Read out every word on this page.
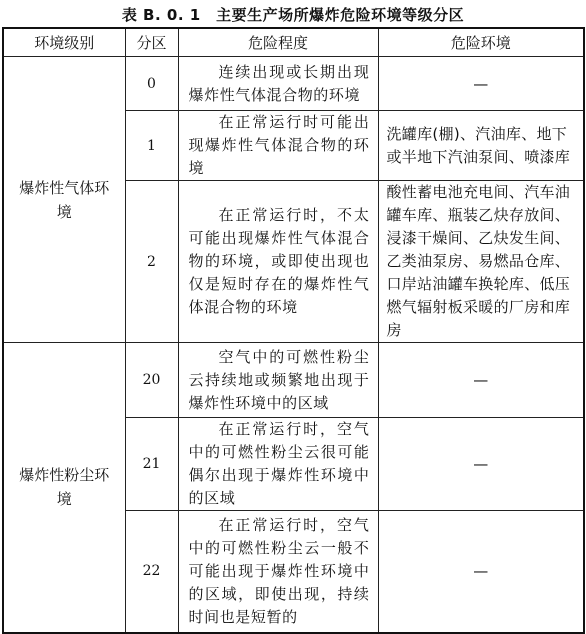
表 B. 0. 1　主要生产场所爆炸危险环境等级分区
环境级别	分区	危险程度	危险环境

爆炸性气体环境	0	连续出现或长期出现爆炸性气体混合物的环境	—
	1	在正常运行时可能出现爆炸性气体混合物的环境	洗罐库(棚)、汽油库、地下或半地下汽油泵间、喷漆库
	2	在正常运行时，不太可能出现爆炸性气体混合物的环境，或即使出现也仅是短时存在的爆炸性气体混合物的环境	酸性蓄电池充电间、汽车油罐车库、瓶装乙炔存放间、浸漆干燥间、乙炔发生间、乙类油泵房、易燃品仓库、口岸站油罐车换轮库、低压燃气辐射板采暖的厂房和库房

爆炸性粉尘环境	20	空气中的可燃性粉尘云持续地或频繁地出现于爆炸性环境中的区域	—
	21	在正常运行时，空气中的可燃性粉尘云很可能偶尔出现于爆炸性环境中的区域	—
	22	在正常运行时，空气中的可燃性粉尘云一般不可能出现于爆炸性环境中的区域，即使出现，持续时间也是短暂的	—
